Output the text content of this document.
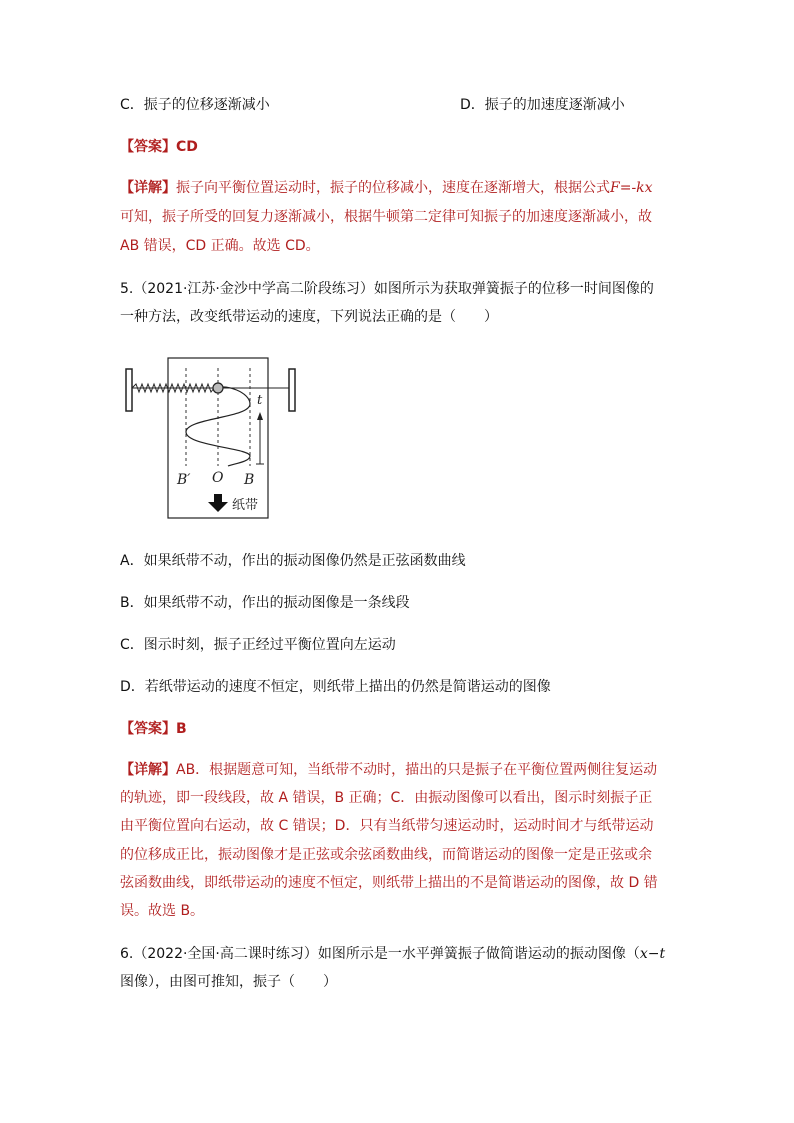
C．振子的位移逐渐减小	D．振子的加速度逐渐减小
【答案】CD
【详解】振子向平衡位置运动时，振子的位移减小，速度在逐渐增大，根据公式F=-kx
可知，振子所受的回复力逐渐减小，根据牛顿第二定律可知振子的加速度逐渐减小，故
AB 错误，CD 正确。故选 CD。
5.（2021·江苏·金沙中学高二阶段练习）如图所示为获取弹簧振子的位移一时间图像的
一种方法，改变纸带运动的速度，下列说法正确的是（　　）
t
B′ O B
纸带
A．如果纸带不动，作出的振动图像仍然是正弦函数曲线
B．如果纸带不动，作出的振动图像是一条线段
C．图示时刻，振子正经过平衡位置向左运动
D．若纸带运动的速度不恒定，则纸带上描出的仍然是简谐运动的图像
【答案】B
【详解】AB．根据题意可知，当纸带不动时，描出的只是振子在平衡位置两侧往复运动
的轨迹，即一段线段，故 A 错误，B 正确；C．由振动图像可以看出，图示时刻振子正
由平衡位置向右运动，故 C 错误；D．只有当纸带匀速运动时，运动时间才与纸带运动
的位移成正比，振动图像才是正弦或余弦函数曲线，而简谐运动的图像一定是正弦或余
弦函数曲线，即纸带运动的速度不恒定，则纸带上描出的不是简谐运动的图像，故 D 错
误。故选 B。
6.（2022·全国·高二课时练习）如图所示是一水平弹簧振子做简谐运动的振动图像（x−t
图像），由图可推知，振子（　　）
